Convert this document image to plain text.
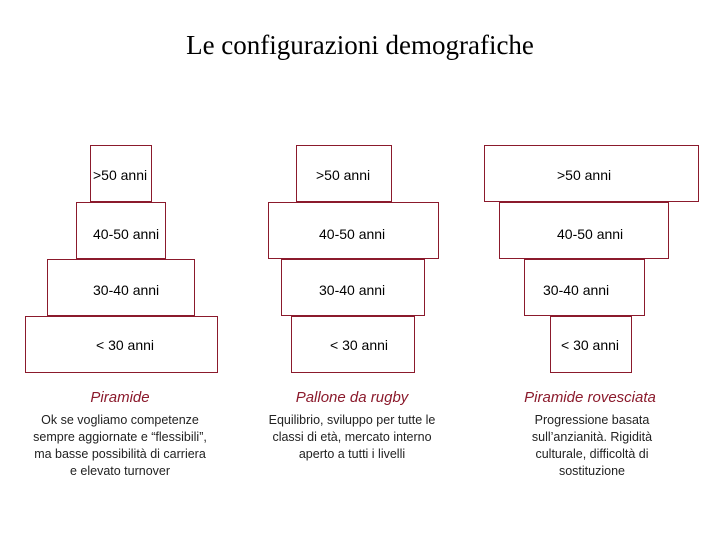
Le configurazioni demografiche
>50 anni
40-50 anni
30-40 anni
< 30 anni
Piramide
Ok se vogliamo competenze sempre aggiornate e “flessibili”, ma basse possibilità di carriera e elevato turnover
>50 anni
40-50 anni
30-40 anni
< 30 anni
Pallone da rugby
Equilibrio, sviluppo per tutte le classi di età, mercato interno aperto a tutti i livelli
>50 anni
40-50 anni
30-40 anni
< 30 anni
Piramide rovesciata
Progressione basata sull’anzianità. Rigidità culturale, difficoltà di sostituzione
